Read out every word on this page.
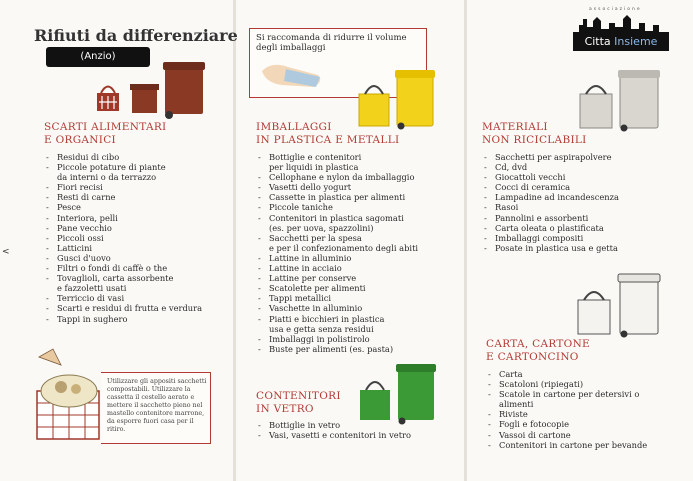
<
Rifiuti da differenziare
(Anzio)
SCARTI ALIMENTARI
E ORGANICI
- Residui di cibo
- Piccole potature di piante
da interni o da terrazzo
- Fiori recisi
- Resti di carne
- Pesce
- Interiora, pelli
- Pane vecchio
- Piccoli ossi
- Latticini
- Gusci d'uovo
- Filtri o fondi di caffè o the
- Tovaglioli, carta assorbente
e fazzoletti usati
- Terriccio di vasi
- Scarti e residui di frutta e verdura
- Tappi in sughero
Utilizzare gli appositi sacchetti compostabili. Utilizzare la cassetta il cestello aerato e mettere il sacchetto pieno nel mastello contenitore marrone, da esporre fuori casa per il ritiro.
Si raccomanda di ridurre il volume degli imballaggi
IMBALLAGGI
IN PLASTICA E METALLI
- Bottiglie e contenitori
per liquidi in plastica
- Cellophane e nylon da imballaggio
- Vasetti dello yogurt
- Cassette in plastica per alimenti
- Piccole taniche
- Contenitori in plastica sagomati
(es. per uova, spazzolini)
- Sacchetti per la spesa
e per il confezionamento degli abiti
- Lattine in alluminio
- Lattine in acciaio
- Lattine per conserve
- Scatolette per alimenti
- Tappi metallici
- Vaschette in alluminio
- Piatti e bicchieri in plastica
usa e getta senza residui
- Imballaggi in polistirolo
- Buste per alimenti (es. pasta)
CONTENITORI
IN VETRO
- Bottiglie in vetro
- Vasi, vasetti e contenitori in vetro
associazione
Citta Insieme
MATERIALI
NON RICICLABILI
- Sacchetti per aspirapolvere
- Cd, dvd
- Giocattoli vecchi
- Cocci di ceramica
- Lampadine ad incandescenza
- Rasoi
- Pannolini e assorbenti
- Carta oleata o plastificata
- Imballaggi compositi
- Posate in plastica usa e getta
CARTA, CARTONE
E CARTONCINO
- Carta
- Scatoloni (ripiegati)
- Scatole in cartone per detersivi o
alimenti
- Riviste
- Fogli e fotocopie
- Vassoi di cartone
- Contenitori in cartone per bevande
